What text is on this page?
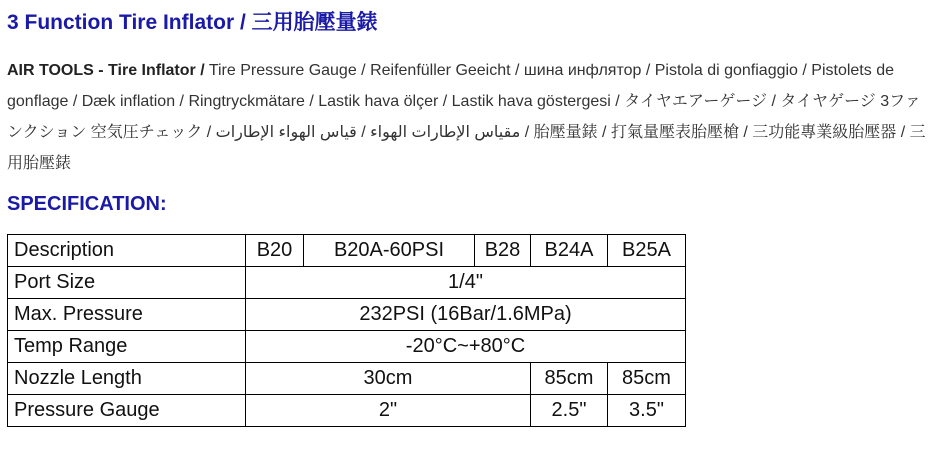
3 Function Tire Inflator / 三用胎壓量錶
AIR TOOLS - Tire Inflator / Tire Pressure Gauge / Reifenfüller Geeicht / шина инфлятор / Pistola di gonfiaggio / Pistolets de gonflage / Dæk inflation / Ringtryckmätare / Lastik hava ölçer / Lastik hava göstergesi / タイヤエアーゲージ / タイヤゲージ 3ファンクション 空気圧チェック / مقياس الإطارات الهواء / قياس الهواء الإطارات / 胎壓量錶 / 打氣量壓表胎壓槍 / 三功能專業級胎壓器 / 三用胎壓錶
SPECIFICATION:
Description	B20	B20A-60PSI	B28	B24A	B25A
Port Size	1/4"				
Max. Pressure	232PSI (16Bar/1.6MPa)				
Temp Range	-20°C~+80°C				
Nozzle Length	30cm			85cm	85cm
Pressure Gauge	2"			2.5"	3.5"
